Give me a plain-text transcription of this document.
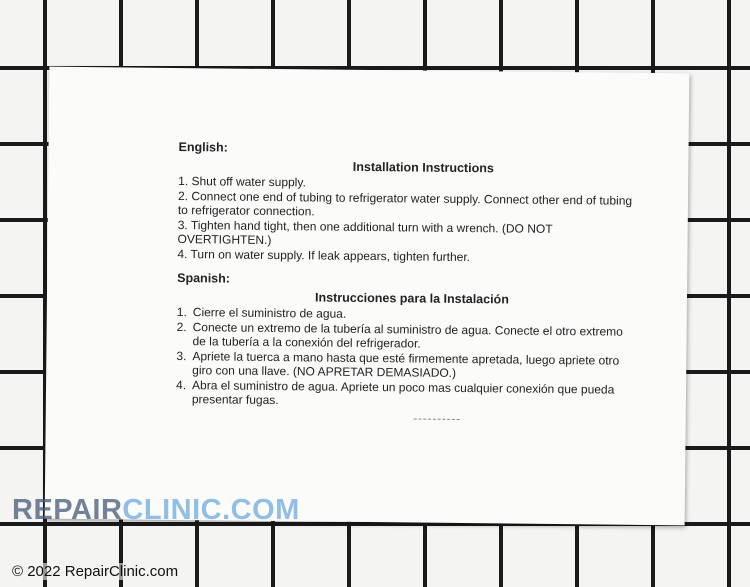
English:
Installation Instructions
1. Shut off water supply.
2. Connect one end of tubing to refrigerator water supply. Connect other end of tubing to refrigerator connection.
3. Tighten hand tight, then one additional turn with a wrench. (DO NOT OVERTIGHTEN.)
4. Turn on water supply. If leak appears, tighten further.
Spanish:
Instrucciones para la Instalación
1. Cierre el suministro de agua.
2. Conecte un extremo de la tubería al suministro de agua. Conecte el otro extremo de la tubería a la conexión del refrigerador.
3. Apriete la tuerca a mano hasta que esté firmemente apretada, luego apriete otro giro con una llave. (NO APRETAR DEMASIADO.)
4. Abra el suministro de agua. Apriete un poco mas cualquier conexión que pueda presentar fugas.
REPAIRCLINIC.COM
© 2022 RepairClinic.com
